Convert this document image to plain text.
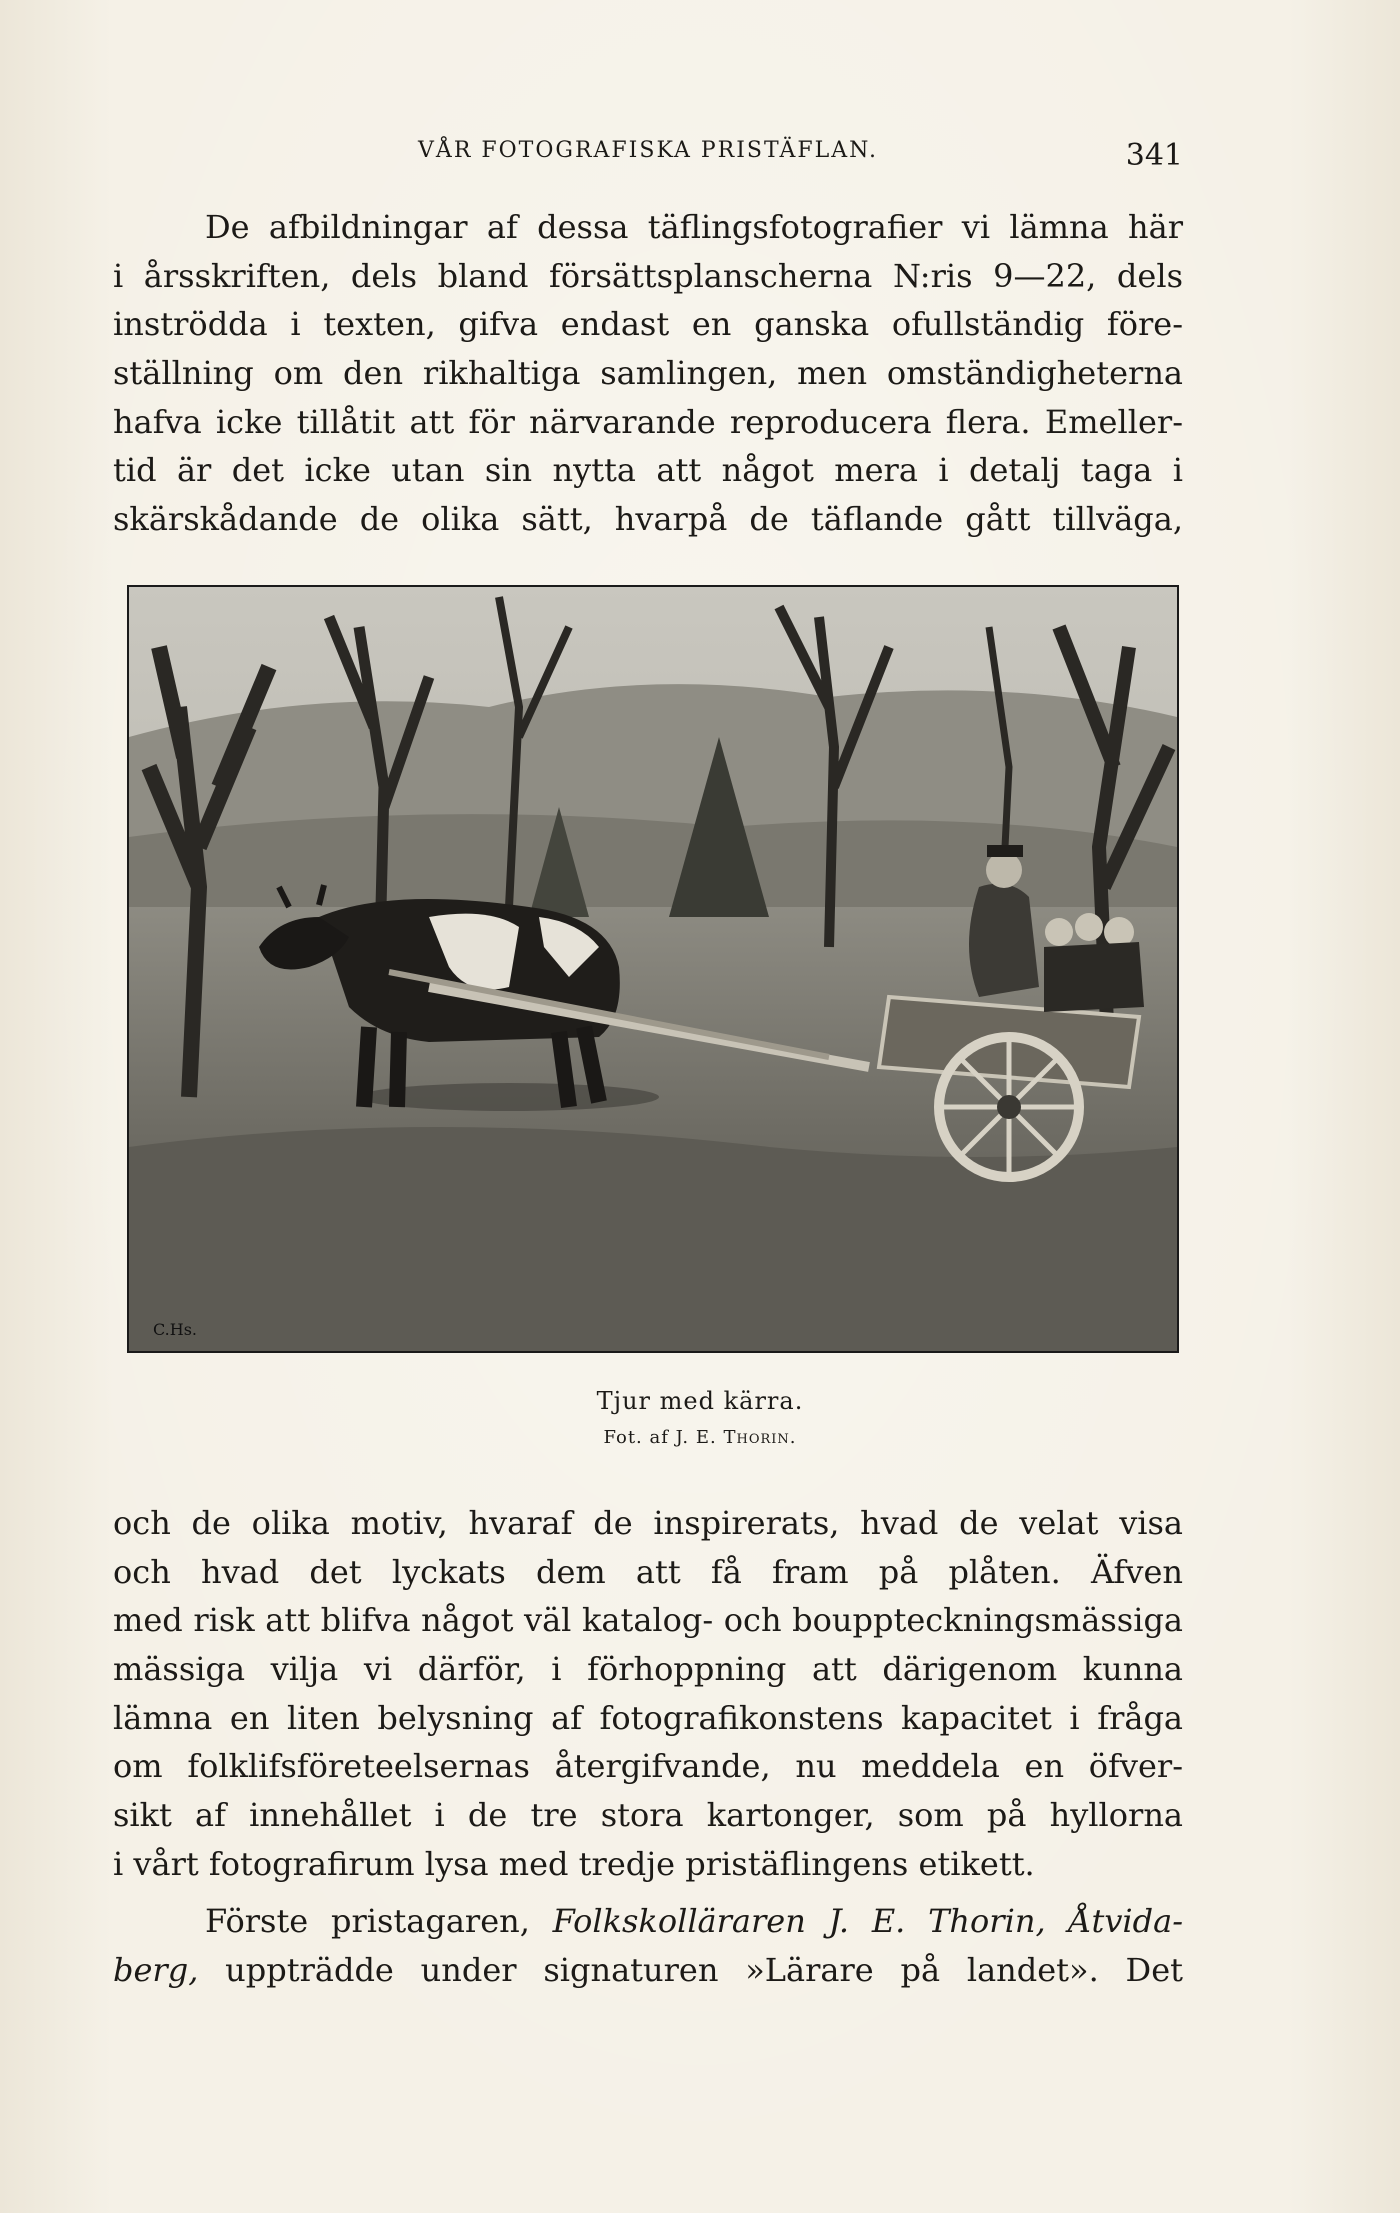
VÅR FOTOGRAFISKA PRISTÄFLAN.	341
De afbildningar af dessa täflingsfotografier vi lämna här
i årsskriften, dels bland försättsplanscherna N:ris 9—22, dels
inströdda i texten, gifva endast en ganska ofullständig före-
ställning om den rikhaltiga samlingen, men omständigheterna
hafva icke tillåtit att för närvarande reproducera flera. Emeller-
tid är det icke utan sin nytta att något mera i detalj taga i
skärskådande de olika sätt, hvarpå de täflande gått tillväga,
C.Hs.
Tjur med kärra.
Fot. af J. E. Thorin.
och de olika motiv, hvaraf de inspirerats, hvad de velat visa
och hvad det lyckats dem att få fram på plåten. Äfven
med risk att blifva något väl katalog- och bouppteckningsmässiga
mässiga vilja vi därför, i förhoppning att därigenom kunna
lämna en liten belysning af fotografikonstens kapacitet i fråga
om folklifsföreteelsernas återgifvande, nu meddela en öfver-
sikt af innehållet i de tre stora kartonger, som på hyllorna
i vårt fotografirum lysa med tredje pristäflingens etikett.
Förste pristagaren, Folkskolläraren J. E. Thorin, Åtvida-
berg, uppträdde under signaturen »Lärare på landet». Det
